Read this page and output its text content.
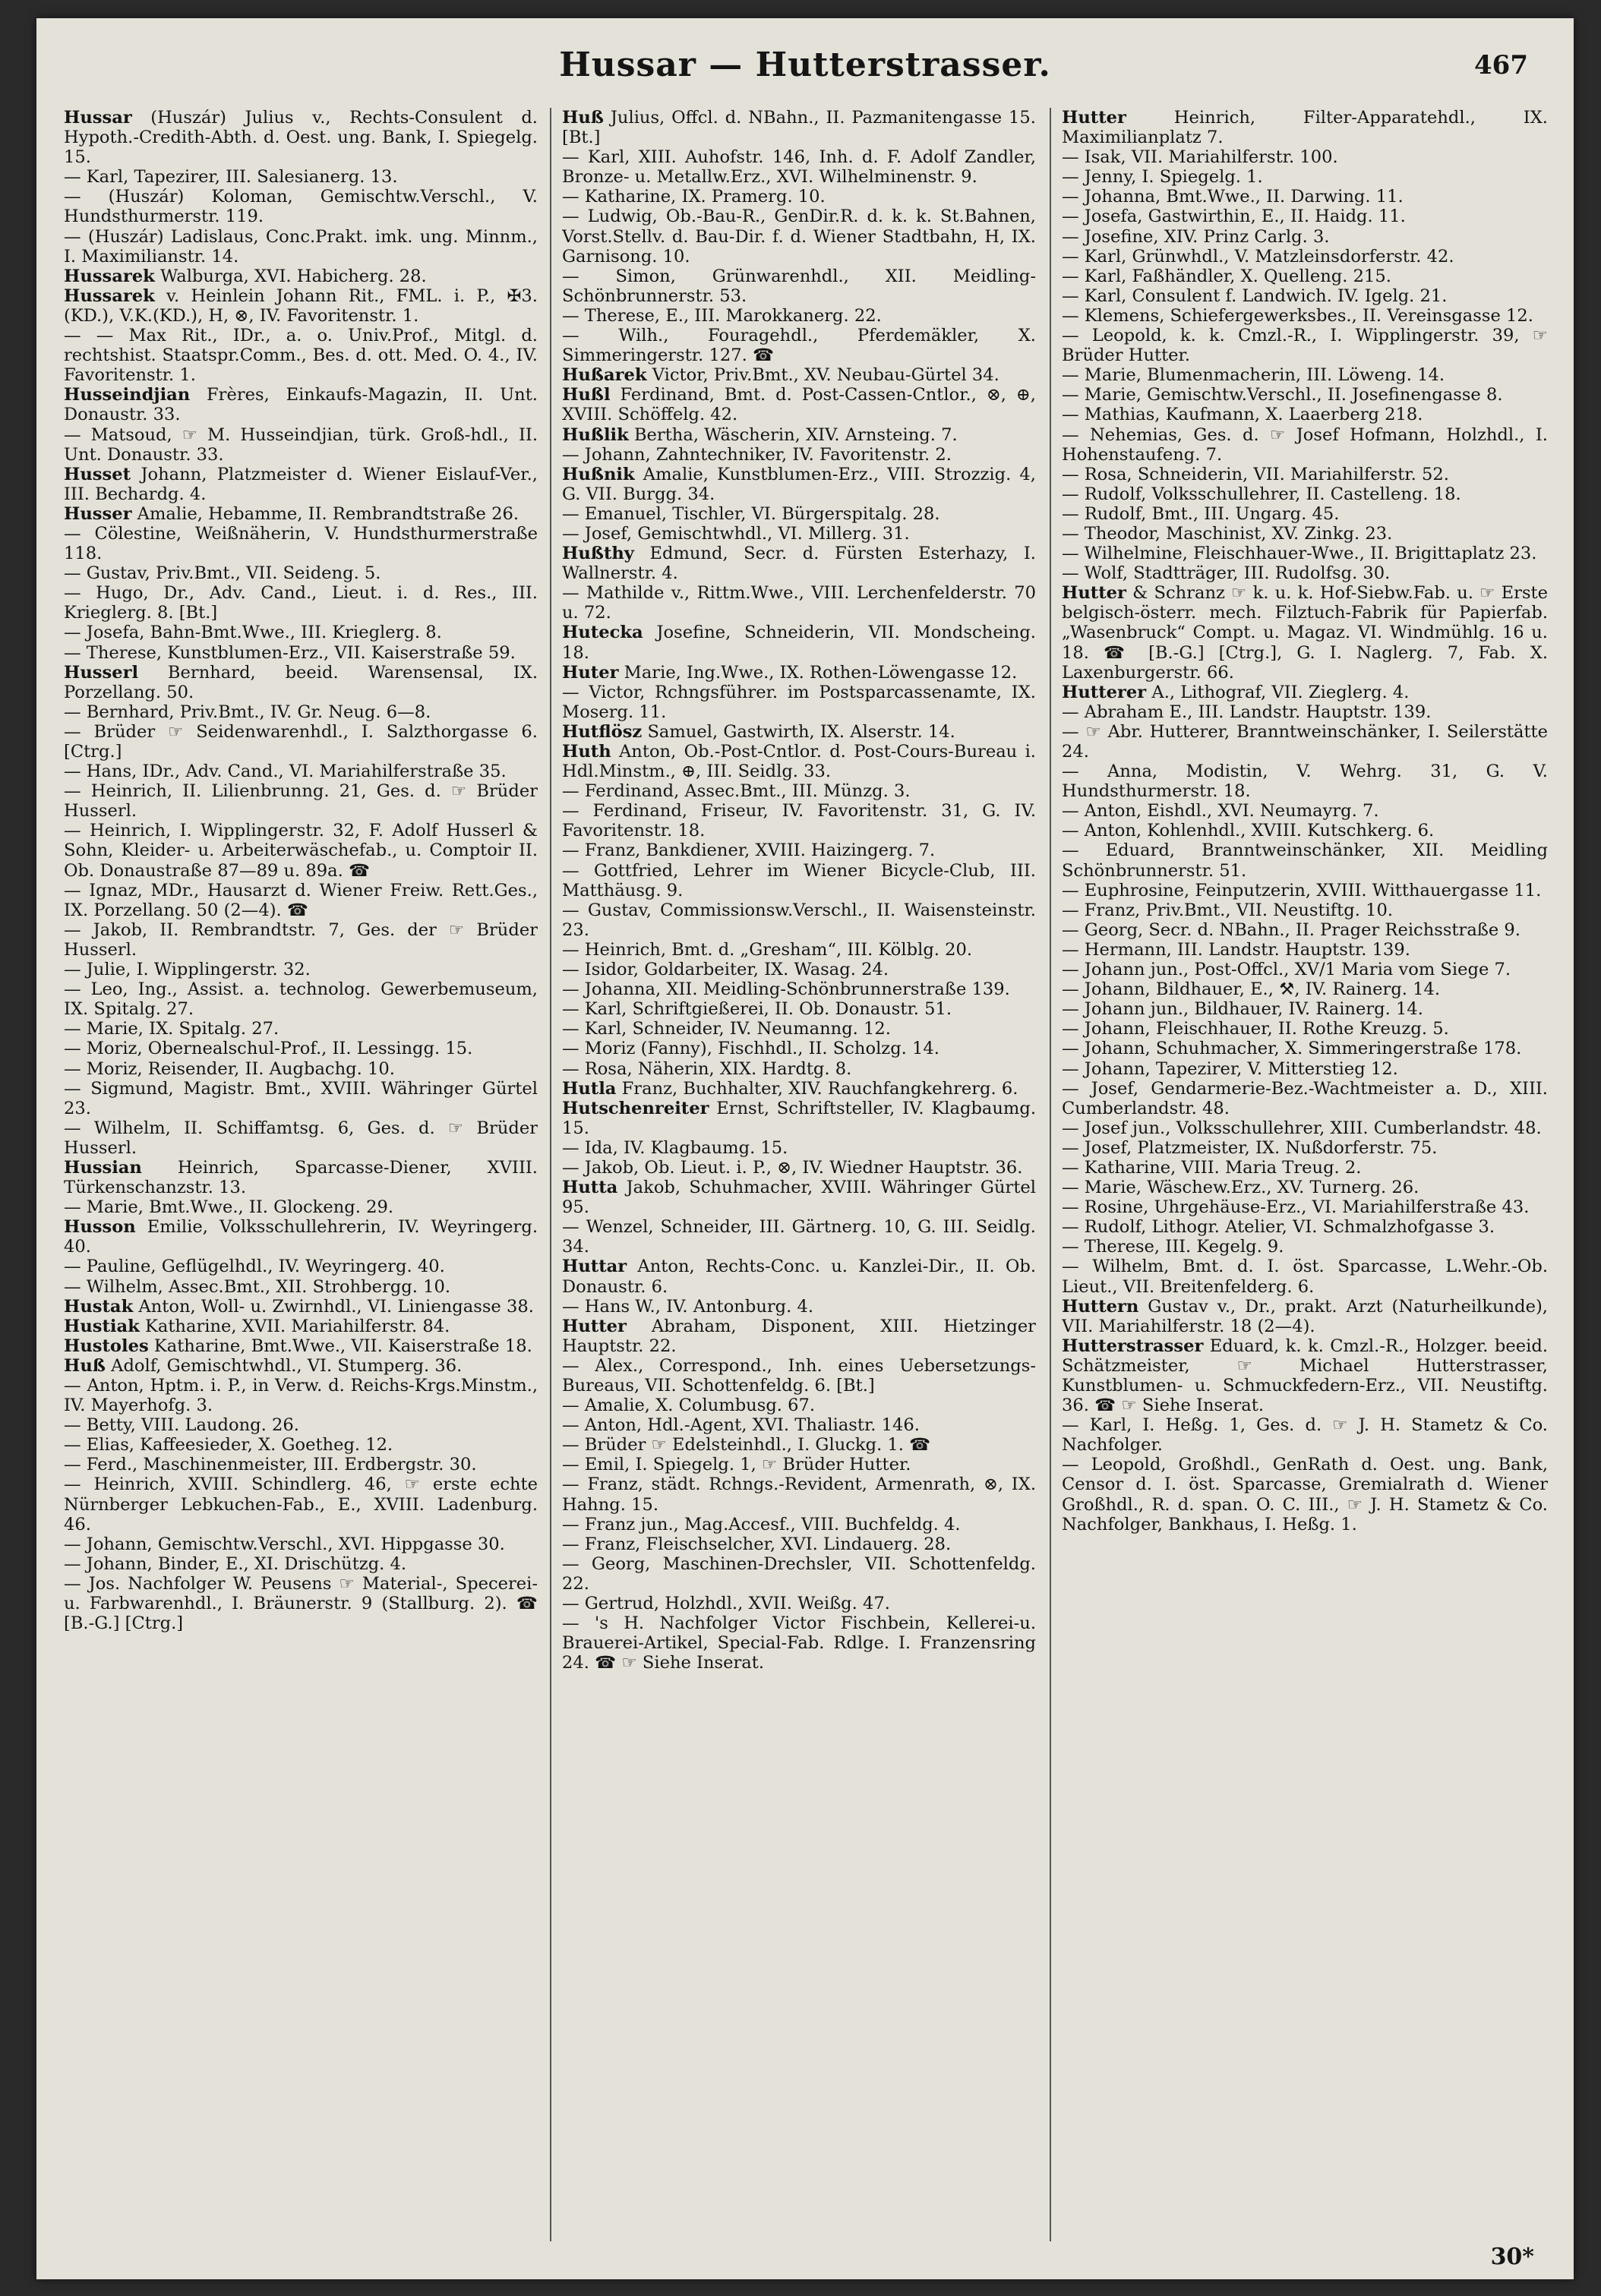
Hussar — Hutterstrasser.	467

Hussar (Huszár) Julius v., Rechts-Consulent d. Hypoth.-Credith-Abth. d. Oest. ung. Bank, I. Spiegelg. 15.

— Karl, Tapezirer, III. Salesianerg. 13.

— (Huszár) Koloman, Gemischtw.Verschl., V. Hundsthurmerstr. 119.

— (Huszár) Ladislaus, Conc.Prakt. imk. ung. Minnm., I. Maximilianstr. 14.

Hussarek Walburga, XVI. Habicherg. 28.

Hussarek v. Heinlein Johann Rit., FML. i. P., ✠3.(KD.), V.K.(KD.), H, ⊗, IV. Favoritenstr. 1.

— — Max Rit., IDr., a. o. Univ.Prof., Mitgl. d. rechtshist. Staatspr.Comm., Bes. d. ott. Med. O. 4., IV. Favoritenstr. 1.

Husseindjian Frères, Einkaufs-Magazin, II. Unt. Donaustr. 33.

— Matsoud, ☞ M. Husseindjian, türk. Groß-hdl., II. Unt. Donaustr. 33.

Husset Johann, Platzmeister d. Wiener Eislauf-Ver., III. Bechardg. 4.

Husser Amalie, Hebamme, II. Rembrandtstraße 26.

— Cölestine, Weißnäherin, V. Hundsthurmerstraße 118.

— Gustav, Priv.Bmt., VII. Seideng. 5.

— Hugo, Dr., Adv. Cand., Lieut. i. d. Res., III. Krieglerg. 8. [Bt.]

— Josefa, Bahn-Bmt.Wwe., III. Krieglerg. 8.

— Therese, Kunstblumen-Erz., VII. Kaiserstraße 59.

Husserl Bernhard, beeid. Warensensal, IX. Porzellang. 50.

— Bernhard, Priv.Bmt., IV. Gr. Neug. 6—8.

— Brüder ☞ Seidenwarenhdl., I. Salzthorgasse 6. [Ctrg.]

— Hans, IDr., Adv. Cand., VI. Mariahilferstraße 35.

— Heinrich, II. Lilienbrunng. 21, Ges. d. ☞ Brüder Husserl.

— Heinrich, I. Wipplingerstr. 32, F. Adolf Husserl & Sohn, Kleider- u. Arbeiterwäschefab., u. Comptoir II. Ob. Donaustraße 87—89 u. 89a. ☎

— Ignaz, MDr., Hausarzt d. Wiener Freiw. Rett.Ges., IX. Porzellang. 50 (2—4). ☎

— Jakob, II. Rembrandtstr. 7, Ges. der ☞ Brüder Husserl.

— Julie, I. Wipplingerstr. 32.

— Leo, Ing., Assist. a. technolog. Gewerbemuseum, IX. Spitalg. 27.

— Marie, IX. Spitalg. 27.

— Moriz, Obernealschul-Prof., II. Lessingg. 15.

— Moriz, Reisender, II. Augbachg. 10.

— Sigmund, Magistr. Bmt., XVIII. Währinger Gürtel 23.

— Wilhelm, II. Schiffamtsg. 6, Ges. d. ☞ Brüder Husserl.

Hussian Heinrich, Sparcasse-Diener, XVIII. Türkenschanzstr. 13.

— Marie, Bmt.Wwe., II. Glockeng. 29.

Husson Emilie, Volksschullehrerin, IV. Weyringerg. 40.

— Pauline, Geflügelhdl., IV. Weyringerg. 40.

— Wilhelm, Assec.Bmt., XII. Strohbergg. 10.

Hustak Anton, Woll- u. Zwirnhdl., VI. Liniengasse 38.

Hustiak Katharine, XVII. Mariahilferstr. 84.

Hustoles Katharine, Bmt.Wwe., VII. Kaiserstraße 18.

Huß Adolf, Gemischtwhdl., VI. Stumperg. 36.

— Anton, Hptm. i. P., in Verw. d. Reichs-Krgs.Minstm., IV. Mayerhofg. 3.

— Betty, VIII. Laudong. 26.

— Elias, Kaffeesieder, X. Goetheg. 12.

— Ferd., Maschinenmeister, III. Erdbergstr. 30.

— Heinrich, XVIII. Schindlerg. 46, ☞ erste echte Nürnberger Lebkuchen-Fab., E., XVIII. Ladenburg. 46.

— Johann, Gemischtw.Verschl., XVI. Hippgasse 30.

— Johann, Binder, E., XI. Drischützg. 4.

— Jos. Nachfolger W. Peusens ☞ Material-, Specerei- u. Farbwarenhdl., I. Bräunerstr. 9 (Stallburg. 2). ☎ [B.-G.] [Ctrg.]

Huß Julius, Offcl. d. NBahn., II. Pazmanitengasse 15. [Bt.]

— Karl, XIII. Auhofstr. 146, Inh. d. F. Adolf Zandler, Bronze- u. Metallw.Erz., XVI. Wilhelminenstr. 9.

— Katharine, IX. Pramerg. 10.

— Ludwig, Ob.-Bau-R., GenDir.R. d. k. k. St.Bahnen, Vorst.Stellv. d. Bau-Dir. f. d. Wiener Stadtbahn, H, IX. Garnisong. 10.

— Simon, Grünwarenhdl., XII. Meidling-Schönbrunnerstr. 53.

— Therese, E., III. Marokkanerg. 22.

— Wilh., Fouragehdl., Pferdemäkler, X. Simmeringerstr. 127. ☎

Hußarek Victor, Priv.Bmt., XV. Neubau-Gürtel 34.

Hußl Ferdinand, Bmt. d. Post-Cassen-Cntlor., ⊗, ⊕, XVIII. Schöffelg. 42.

Hußlik Bertha, Wäscherin, XIV. Arnsteing. 7.

— Johann, Zahntechniker, IV. Favoritenstr. 2.

Hußnik Amalie, Kunstblumen-Erz., VIII. Strozzig. 4, G. VII. Burgg. 34.

— Emanuel, Tischler, VI. Bürgerspitalg. 28.

— Josef, Gemischtwhdl., VI. Millerg. 31.

Hußthy Edmund, Secr. d. Fürsten Esterhazy, I. Wallnerstr. 4.

— Mathilde v., Rittm.Wwe., VIII. Lerchenfelderstr. 70 u. 72.

Hutecka Josefine, Schneiderin, VII. Mondscheing. 18.

Huter Marie, Ing.Wwe., IX. Rothen-Löwengasse 12.

— Victor, Rchngsführer. im Postsparcassenamte, IX. Moserg. 11.

Hutflösz Samuel, Gastwirth, IX. Alserstr. 14.

Huth Anton, Ob.-Post-Cntlor. d. Post-Cours-Bureau i. Hdl.Minstm., ⊕, III. Seidlg. 33.

— Ferdinand, Assec.Bmt., III. Münzg. 3.

— Ferdinand, Friseur, IV. Favoritenstr. 31, G. IV. Favoritenstr. 18.

— Franz, Bankdiener, XVIII. Haizingerg. 7.

— Gottfried, Lehrer im Wiener Bicycle-Club, III. Matthäusg. 9.

— Gustav, Commissionsw.Verschl., II. Waisensteinstr. 23.

— Heinrich, Bmt. d. „Gresham“, III. Kölblg. 20.

— Isidor, Goldarbeiter, IX. Wasag. 24.

— Johanna, XII. Meidling-Schönbrunnerstraße 139.

— Karl, Schriftgießerei, II. Ob. Donaustr. 51.

— Karl, Schneider, IV. Neumanng. 12.

— Moriz (Fanny), Fischhdl., II. Scholzg. 14.

— Rosa, Näherin, XIX. Hardtg. 8.

Hutla Franz, Buchhalter, XIV. Rauchfangkehrerg. 6.

Hutschenreiter Ernst, Schriftsteller, IV. Klagbaumg. 15.

— Ida, IV. Klagbaumg. 15.

— Jakob, Ob. Lieut. i. P., ⊗, IV. Wiedner Hauptstr. 36.

Hutta Jakob, Schuhmacher, XVIII. Währinger Gürtel 95.

— Wenzel, Schneider, III. Gärtnerg. 10, G. III. Seidlg. 34.

Huttar Anton, Rechts-Conc. u. Kanzlei-Dir., II. Ob. Donaustr. 6.

— Hans W., IV. Antonburg. 4.

Hutter Abraham, Disponent, XIII. Hietzinger Hauptstr. 22.

— Alex., Correspond., Inh. eines Uebersetzungs-Bureaus, VII. Schottenfeldg. 6. [Bt.]

— Amalie, X. Columbusg. 67.

— Anton, Hdl.-Agent, XVI. Thaliastr. 146.

— Brüder ☞ Edelsteinhdl., I. Gluckg. 1. ☎

— Emil, I. Spiegelg. 1, ☞ Brüder Hutter.

— Franz, städt. Rchngs.-Revident, Armenrath, ⊗, IX. Hahng. 15.

— Franz jun., Mag.Accesf., VIII. Buchfeldg. 4.

— Franz, Fleischselcher, XVI. Lindauerg. 28.

— Georg, Maschinen-Drechsler, VII. Schottenfeldg. 22.

— Gertrud, Holzhdl., XVII. Weißg. 47.

— 's H. Nachfolger Victor Fischbein, Kellerei-u. Brauerei-Artikel, Special-Fab. Rdlge. I. Franzensring 24. ☎ ☞ Siehe Inserat.

Hutter Heinrich, Filter-Apparatehdl., IX. Maximilianplatz 7.

— Isak, VII. Mariahilferstr. 100.

— Jenny, I. Spiegelg. 1.

— Johanna, Bmt.Wwe., II. Darwing. 11.

— Josefa, Gastwirthin, E., II. Haidg. 11.

— Josefine, XIV. Prinz Carlg. 3.

— Karl, Grünwhdl., V. Matzleinsdorferstr. 42.

— Karl, Faßhändler, X. Quelleng. 215.

— Karl, Consulent f. Landwich. IV. Igelg. 21.

— Klemens, Schiefergewerksbes., II. Vereinsgasse 12.

— Leopold, k. k. Cmzl.-R., I. Wipplingerstr. 39, ☞ Brüder Hutter.

— Marie, Blumenmacherin, III. Löweng. 14.

— Marie, Gemischtw.Verschl., II. Josefinengasse 8.

— Mathias, Kaufmann, X. Laaerberg 218.

— Nehemias, Ges. d. ☞ Josef Hofmann, Holzhdl., I. Hohenstaufeng. 7.

— Rosa, Schneiderin, VII. Mariahilferstr. 52.

— Rudolf, Volksschullehrer, II. Castelleng. 18.

— Rudolf, Bmt., III. Ungarg. 45.

— Theodor, Maschinist, XV. Zinkg. 23.

— Wilhelmine, Fleischhauer-Wwe., II. Brigittaplatz 23.

— Wolf, Stadtträger, III. Rudolfsg. 30.

Hutter & Schranz ☞ k. u. k. Hof-Siebw.Fab. u. ☞ Erste belgisch-österr. mech. Filztuch-Fabrik für Papierfab. „Wasenbruck“ Compt. u. Magaz. VI. Windmühlg. 16 u. 18. ☎ [B.-G.] [Ctrg.], G. I. Naglerg. 7, Fab. X. Laxenburgerstr. 66.

Hutterer A., Lithograf, VII. Zieglerg. 4.

— Abraham E., III. Landstr. Hauptstr. 139.

— ☞ Abr. Hutterer, Branntweinschänker, I. Seilerstätte 24.

— Anna, Modistin, V. Wehrg. 31, G. V. Hundsthurmerstr. 18.

— Anton, Eishdl., XVI. Neumayrg. 7.

— Anton, Kohlenhdl., XVIII. Kutschkerg. 6.

— Eduard, Branntweinschänker, XII. Meidling Schönbrunnerstr. 51.

— Euphrosine, Feinputzerin, XVIII. Witthauergasse 11.

— Franz, Priv.Bmt., VII. Neustiftg. 10.

— Georg, Secr. d. NBahn., II. Prager Reichsstraße 9.

— Hermann, III. Landstr. Hauptstr. 139.

— Johann jun., Post-Offcl., XV/1 Maria vom Siege 7.

— Johann, Bildhauer, E., ⚒, IV. Rainerg. 14.

— Johann jun., Bildhauer, IV. Rainerg. 14.

— Johann, Fleischhauer, II. Rothe Kreuzg. 5.

— Johann, Schuhmacher, X. Simmeringerstraße 178.

— Johann, Tapezirer, V. Mitterstieg 12.

— Josef, Gendarmerie-Bez.-Wachtmeister a. D., XIII. Cumberlandstr. 48.

— Josef jun., Volksschullehrer, XIII. Cumberlandstr. 48.

— Josef, Platzmeister, IX. Nußdorferstr. 75.

— Katharine, VIII. Maria Treug. 2.

— Marie, Wäschew.Erz., XV. Turnerg. 26.

— Rosine, Uhrgehäuse-Erz., VI. Mariahilferstraße 43.

— Rudolf, Lithogr. Atelier, VI. Schmalzhofgasse 3.

— Therese, III. Kegelg. 9.

— Wilhelm, Bmt. d. I. öst. Sparcasse, L.Wehr.-Ob. Lieut., VII. Breitenfelderg. 6.

Huttern Gustav v., Dr., prakt. Arzt (Naturheilkunde), VII. Mariahilferstr. 18 (2—4).

Hutterstrasser Eduard, k. k. Cmzl.-R., Holzger. beeid. Schätzmeister, ☞ Michael Hutterstrasser, Kunstblumen- u. Schmuckfedern-Erz., VII. Neustiftg. 36. ☎ ☞ Siehe Inserat.

— Karl, I. Heßg. 1, Ges. d. ☞ J. H. Stametz & Co. Nachfolger.

— Leopold, Großhdl., GenRath d. Oest. ung. Bank, Censor d. I. öst. Sparcasse, Gremialrath d. Wiener Großhdl., R. d. span. O. C. III., ☞ J. H. Stametz & Co. Nachfolger, Bankhaus, I. Heßg. 1.

30*
